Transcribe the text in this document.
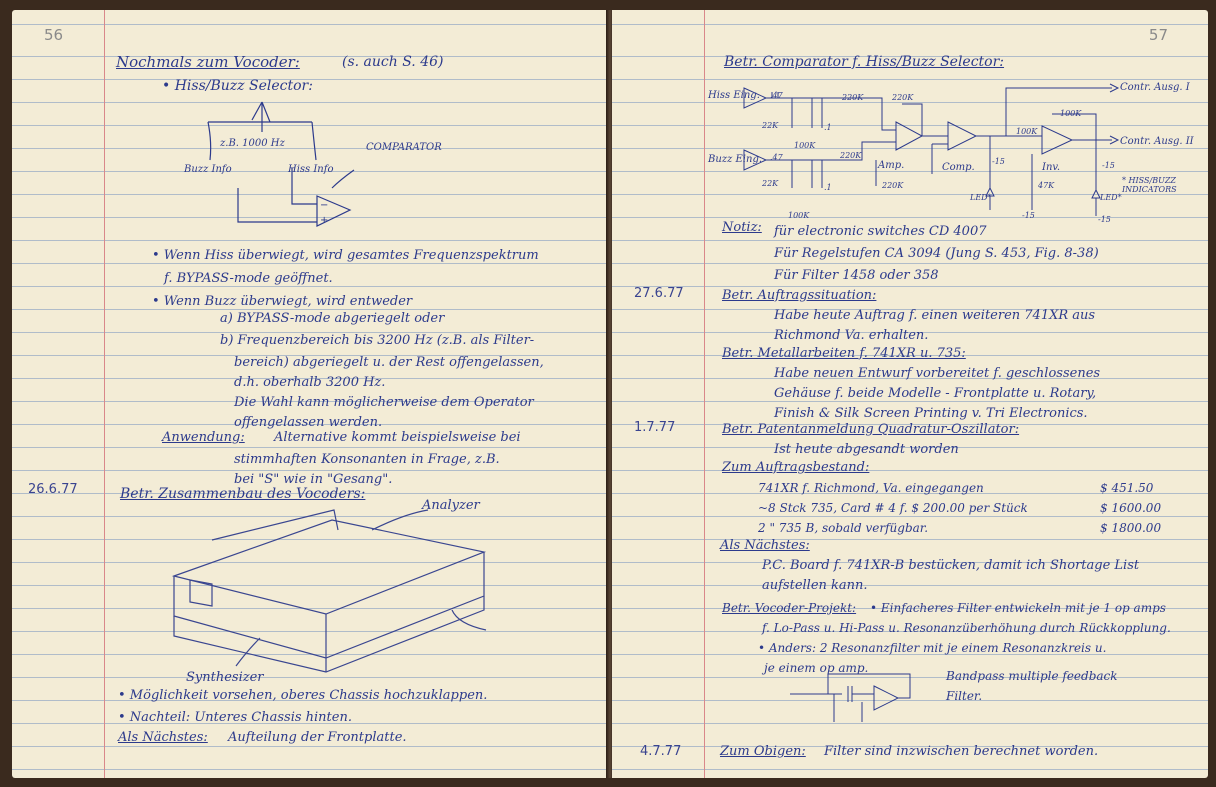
56
Nochmals zum Vocoder:	(s. auch S. 46)
• Hiss/Buzz Selector:
−
+
z.B. 1000 Hz
Buzz Info	Hiss Info
COMPARATOR
• Wenn Hiss überwiegt, wird gesamtes Frequenzspektrum
f. BYPASS-mode geöffnet.
• Wenn Buzz überwiegt, wird entweder
a) BYPASS-mode abgeriegelt oder
b) Frequenzbereich bis 3200 Hz (z.B. als Filter-
bereich) abgeriegelt u. der Rest offengelassen,
d.h. oberhalb 3200 Hz.
Die Wahl kann möglicherweise dem Operator
offengelassen werden.
Anwendung: Alternative kommt beispielsweise bei
stimmhaften Konsonanten in Frage, z.B.
bei "S" wie in "Gesang".
26.6.77	Betr. Zusammenbau des Vocoders:
Analyzer
Synthesizer
• Möglichkeit vorsehen, oberes Chassis hochzuklappen.
• Nachteil: Unteres Chassis hinten.
Als Nächstes: Aufteilung der Frontplatte.
57
Betr. Comparator f. Hiss/Buzz Selector:
Hiss Eing.
Buzz Eing.
Contr. Ausg. I
Contr. Ausg. II
Amp.	Comp.	Inv.
* HISS/BUZZ INDICATORS
.47
.47
22K
22K
220K	220K
220K
220K
100K
100K
100K
100K
47K
.1
.1
LED*	LED*
-15	-15
-15	-15
Notiz: für electronic switches CD 4007
Für Regelstufen CA 3094 (Jung S. 453, Fig. 8-38)
Für Filter 1458 oder 358
27.6.77	Betr. Auftragssituation:
Habe heute Auftrag f. einen weiteren 741XR aus
Richmond Va. erhalten.
Betr. Metallarbeiten f. 741XR u. 735:
Habe neuen Entwurf vorbereitet f. geschlossenes
Gehäuse f. beide Modelle - Frontplatte u. Rotary,
Finish & Silk Screen Printing v. Tri Electronics.
1.7.77	Betr. Patentanmeldung Quadratur-Oszillator:
Ist heute abgesandt worden
Zum Auftragsbestand:
741XR f. Richmond, Va. eingegangen	$ 451.50
~8 Stck 735, Card # 4 f. $ 200.00 per Stück	$ 1600.00
2 " 735 B, sobald verfügbar.	$ 1800.00
Als Nächstes:
P.C. Board f. 741XR-B bestücken, damit ich Shortage List
aufstellen kann.
Betr. Vocoder-Projekt: • Einfacheres Filter entwickeln mit je 1 op amps
f. Lo-Pass u. Hi-Pass u. Resonanzüberhöhung durch Rückkopplung.
• Anders: 2 Resonanzfilter mit je einem Resonanzkreis u.
je einem op amp.
Bandpass multiple feedback
Filter.
4.7.77	Zum Obigen: Filter sind inzwischen berechnet worden.
